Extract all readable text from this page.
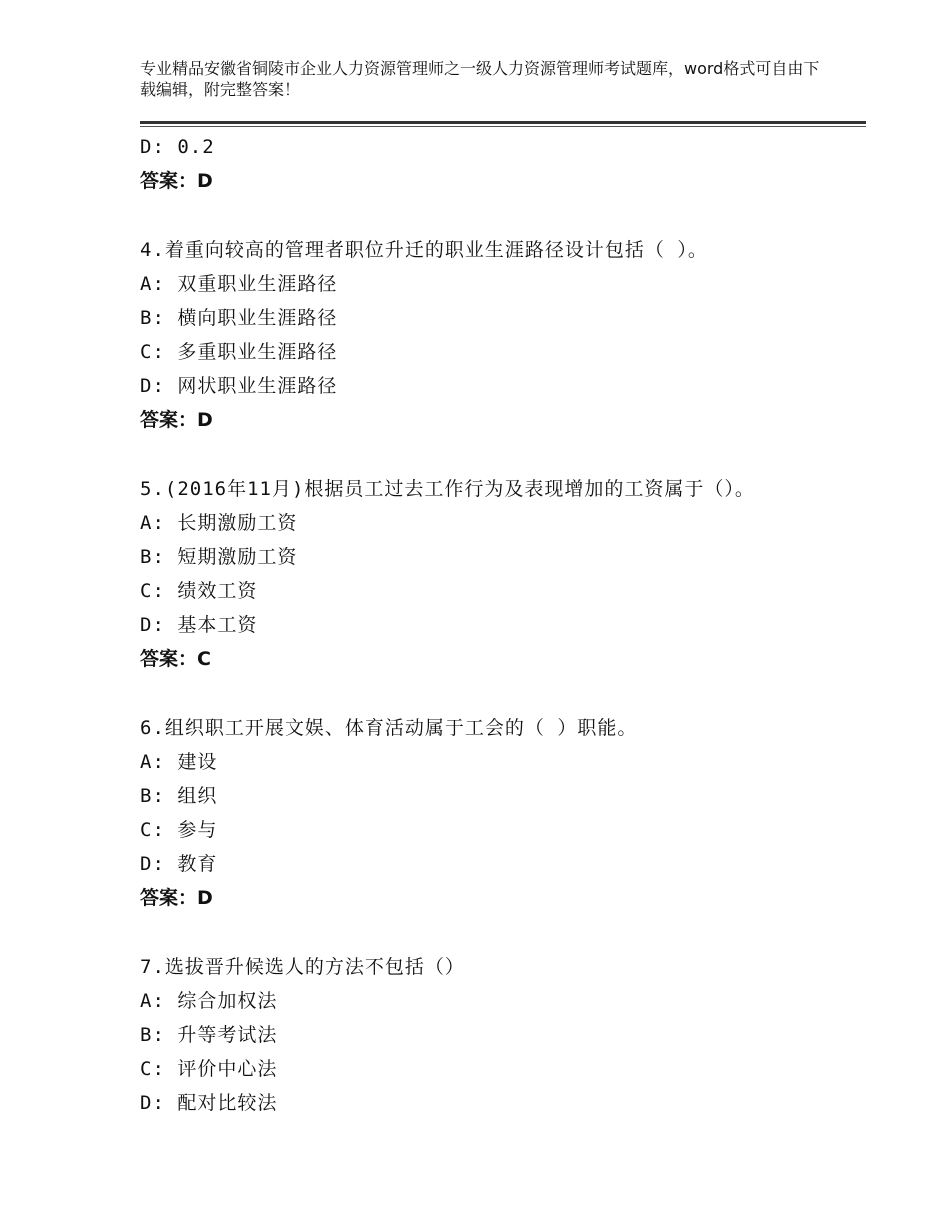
专业精品安徽省铜陵市企业人力资源管理师之一级人力资源管理师考试题库，word格式可自由下载编辑，附完整答案！
D: 0.2
答案：D
4.着重向较高的管理者职位升迁的职业生涯路径设计包括（ ）。
A: 双重职业生涯路径
B: 横向职业生涯路径
C: 多重职业生涯路径
D: 网状职业生涯路径
答案：D
5.(2016年11月)根据员工过去工作行为及表现增加的工资属于（）。
A: 长期激励工资
B: 短期激励工资
C: 绩效工资
D: 基本工资
答案：C
6.组织职工开展文娱、体育活动属于工会的（ ）职能。
A: 建设
B: 组织
C: 参与
D: 教育
答案：D
7.选拔晋升候选人的方法不包括（）
A: 综合加权法
B: 升等考试法
C: 评价中心法
D: 配对比较法
